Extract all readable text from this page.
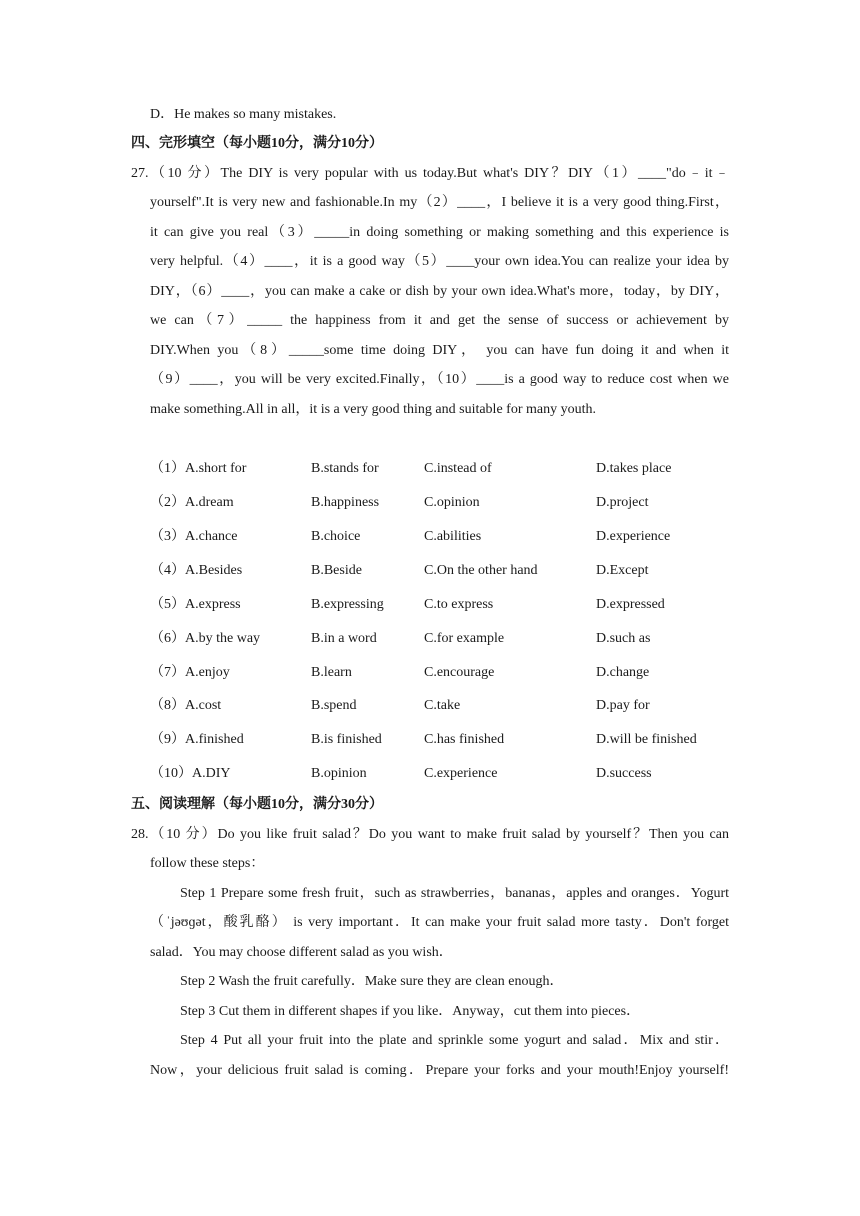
D．He makes so many mistakes.
四、完形填空（每小题10分，满分10分）
27.（10 分）The DIY is very popular with us today.But what's DIY？DIY（1）____"do﹣it﹣
yourself".It is very new and fashionable.In my（2）____，I believe it is a very good thing.First，
it can give you real（3）_____in doing something or making something and this experience is
very helpful.（4）____，it is a good way（5）____your own idea.You can realize your idea by
DIY，（6）____，you can make a cake or dish by your own idea.What's more，today，by DIY，
we can（7）_____ the happiness from it and get the sense of success or achievement by
DIY.When you（8）_____some time doing DIY， you can have fun doing it and when it
（9）____，you will be very excited.Finally，（10）____is a good way to reduce cost when we
make something.All in all，it is a very good thing and suitable for many youth.
（1）A.short for	B.stands for	C.instead of	D.takes place
（2）A.dream	B.happiness	C.opinion	D.project
（3）A.chance	B.choice	C.abilities	D.experience
（4）A.Besides	B.Beside	C.On the other hand	D.Except
（5）A.express	B.expressing	C.to express	D.expressed
（6）A.by the way	B.in a word	C.for example	D.such as
（7）A.enjoy	B.learn	C.encourage	D.change
（8）A.cost	B.spend	C.take	D.pay for
（9）A.finished	B.is finished	C.has finished	D.will be finished
（10）A.DIY	B.opinion	C.experience	D.success
五、阅读理解（每小题10分，满分30分）
28.（10 分）Do you like fruit salad？Do you want to make fruit salad by yourself？Then you can
follow these steps：
Step 1 Prepare some fresh fruit，such as strawberries，bananas，apples and oranges．Yogurt
（ˈjəʊɡət，酸乳酪） is very important．It can make your fruit salad more tasty．Don't forget
salad．You may choose different salad as you wish．
Step 2 Wash the fruit carefully．Make sure they are clean enough．
Step 3 Cut them in different shapes if you like．Anyway，cut them into pieces．
Step 4 Put all your fruit into the plate and sprinkle some yogurt and salad．Mix and stir．
Now，your delicious fruit salad is coming．Prepare your forks and your mouth!Enjoy yourself!
